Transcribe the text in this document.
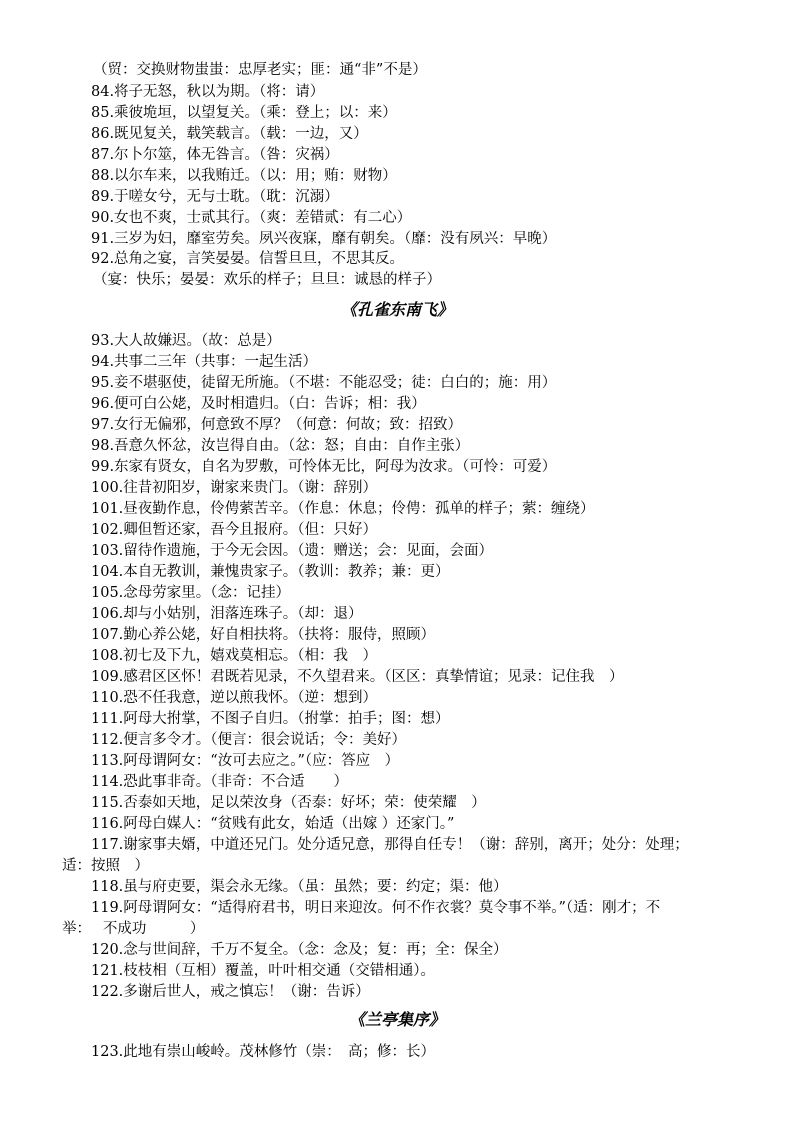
（贸：交换财物蚩蚩：忠厚老实；匪：通“非”不是）
84.将子无怒，秋以为期。（将：请）
85.乘彼垝垣，以望复关。（乘：登上；以：来）
86.既见复关，载笑载言。（载：一边，又）
87.尔卜尔筮，体无咎言。（咎：灾祸）
88.以尔车来，以我贿迁。（以：用；贿：财物）
89.于嗟女兮，无与士耽。（耽：沉溺）
90.女也不爽，士贰其行。（爽：差错贰：有二心）
91.三岁为妇，靡室劳矣。夙兴夜寐，靡有朝矣。（靡：没有夙兴：早晚）
92.总角之宴，言笑晏晏。信誓旦旦，不思其反。
（宴：快乐；晏晏：欢乐的样子；旦旦：诚恳的样子）
《孔雀东南飞》
93.大人故嫌迟。（故：总是）
94.共事二三年（共事：一起生活）
95.妾不堪驱使，徒留无所施。（不堪：不能忍受；徒：白白的；施：用）
96.便可白公姥，及时相遣归。（白：告诉；相：我）
97.女行无偏邪，何意致不厚？（何意：何故；致：招致）
98.吾意久怀忿，汝岂得自由。（忿：怒；自由：自作主张）
99.东家有贤女，自名为罗敷，可怜体无比，阿母为汝求。（可怜：可爱）
100.往昔初阳岁，谢家来贵门。（谢：辞别）
101.昼夜勤作息，伶俜萦苦辛。（作息：休息；伶俜：孤单的样子；萦：缠绕）
102.卿但暂还家，吾今且报府。（但：只好）
103.留待作遗施，于今无会因。（遗：赠送；会：见面，会面）
104.本自无教训，兼愧贵家子。（教训：教养；兼：更）
105.念母劳家里。（念：记挂）
106.却与小姑别，泪落连珠子。（却：退）
107.勤心养公姥，好自相扶将。（扶将：服侍，照顾）
108.初七及下九，嬉戏莫相忘。（相：我　）
109.感君区区怀！君既若见录，不久望君来。（区区：真挚情谊；见录：记住我　）
110.恐不任我意，逆以煎我怀。（逆：想到）
111.阿母大拊掌，不图子自归。（拊掌：拍手；图：想）
112.便言多令才。（便言：很会说话；令：美好）
113.阿母谓阿女：“汝可去应之。”（应：答应　）
114.恐此事非奇。（非奇：不合适　　）
115.否泰如天地，足以荣汝身（否泰：好坏；荣：使荣耀　）
116.阿母白媒人：“贫贱有此女，始适（出嫁 ）还家门。”
117.谢家事夫婿，中道还兄门。处分适兄意，那得自任专！（谢：辞别，离开；处分：处理；
适：按照　）
118.虽与府吏要，渠会永无缘。（虽：虽然；要：约定；渠：他）
119.阿母谓阿女：“适得府君书，明日来迎汝。何不作衣裳？莫令事不举。”（适：刚才；不
举：　 不成功　　　）
120.念与世间辞，千万不复全。（念：念及；复：再；全：保全）
121.枝枝相（互相）覆盖，叶叶相交通（交错相通）。
122.多谢后世人，戒之慎忘！（谢：告诉）
《兰亭集序》
123.此地有崇山峻岭。茂林修竹（崇：　高；修：长）
